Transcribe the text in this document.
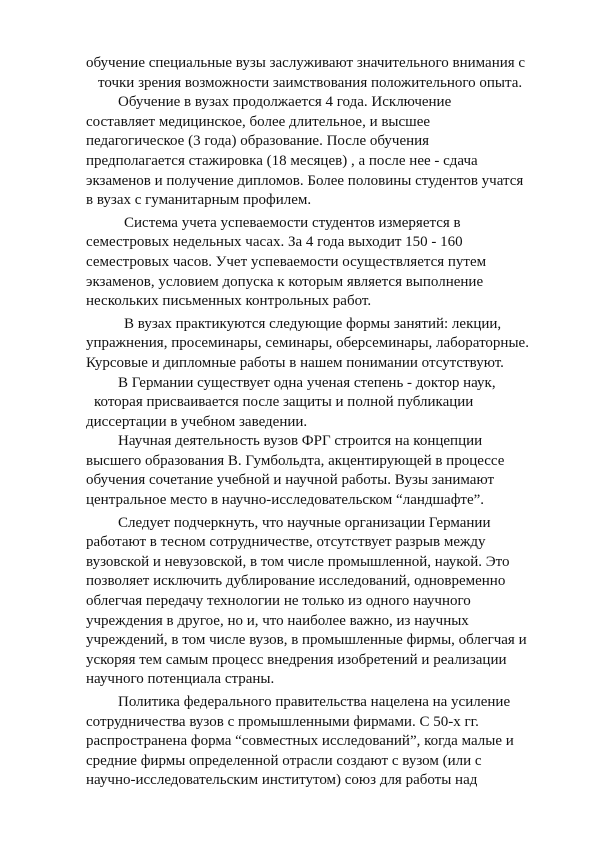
обучение специальные вузы заслуживают значительного внимания с
точки зрения возможности заимствования положительного опыта.
Обучение в вузах продолжается 4 года. Исключение
составляет медицинское, более длительное, и высшее
педагогическое (3 года) образование. После обучения
предполагается стажировка (18 месяцев) , а после нее - сдача
экзаменов и получение дипломов. Более половины студентов учатся
в вузах с гуманитарным профилем.
Система учета успеваемости студентов измеряется в
семестровых недельных часах. За 4 года выходит 150 - 160
семестровых часов. Учет успеваемости осуществляется путем
экзаменов, условием допуска к которым является выполнение
нескольких письменных контрольных работ.
В вузах практикуются следующие формы занятий: лекции,
упражнения, просеминары, семинары, оберсеминары, лабораторные.
Курсовые и дипломные работы в нашем понимании отсутствуют.
В Германии существует одна ученая степень - доктор наук,
которая присваивается после защиты и полной публикации
диссертации в учебном заведении.
Научная деятельность вузов ФРГ строится на концепции
высшего образования В. Гумбольдта, акцентирующей в процессе
обучения сочетание учебной и научной работы. Вузы занимают
центральное место в научно-исследовательском “ландшафте”.
Следует подчеркнуть, что научные организации Германии
работают в тесном сотрудничестве, отсутствует разрыв между
вузовской и невузовской, в том числе промышленной, наукой. Это
позволяет исключить дублирование исследований, одновременно
облегчая передачу технологии не только из одного научного
учреждения в другое, но и, что наиболее важно, из научных
учреждений, в том числе вузов, в промышленные фирмы, облегчая и
ускоряя тем самым процесс внедрения изобретений и реализации
научного потенциала страны.
Политика федерального правительства нацелена на усиление
сотрудничества вузов с промышленными фирмами. С 50-х гг.
распространена форма “совместных исследований”, когда малые и
средние фирмы определенной отрасли создают с вузом (или с
научно-исследовательским институтом) союз для работы над
